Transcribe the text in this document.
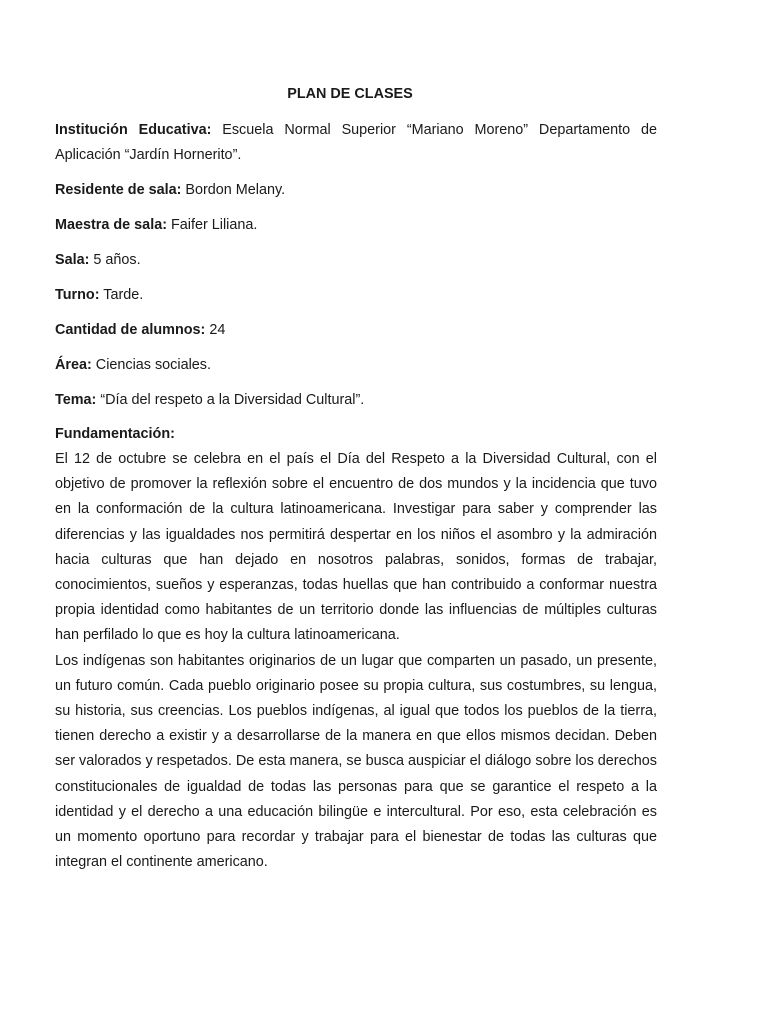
PLAN DE CLASES

Institución Educativa: Escuela Normal Superior “Mariano Moreno” Departamento de Aplicación “Jardín Hornerito”.

Residente de sala: Bordon Melany.

Maestra de sala: Faifer Liliana.

Sala: 5 años.

Turno: Tarde.

Cantidad de alumnos: 24

Área: Ciencias sociales.

Tema: “Día del respeto a la Diversidad Cultural”.

Fundamentación:

El 12 de octubre se celebra en el país el Día del Respeto a la Diversidad Cultural, con el objetivo de promover la reflexión sobre el encuentro de dos mundos y la incidencia que tuvo en la conformación de la cultura latinoamericana. Investigar para saber y comprender las diferencias y las igualdades nos permitirá despertar en los niños el asombro y la admiración hacia culturas que han dejado en nosotros palabras, sonidos, formas de trabajar, conocimientos, sueños y esperanzas, todas huellas que han contribuido a conformar nuestra propia identidad como habitantes de un territorio donde las influencias de múltiples culturas han perfilado lo que es hoy la cultura latinoamericana.

Los indígenas son habitantes originarios de un lugar que comparten un pasado, un presente, un futuro común. Cada pueblo originario posee su propia cultura, sus costumbres, su lengua, su historia, sus creencias. Los pueblos indígenas, al igual que todos los pueblos de la tierra, tienen derecho a existir y a desarrollarse de la manera en que ellos mismos decidan. Deben ser valorados y respetados. De esta manera, se busca auspiciar el diálogo sobre los derechos constitucionales de igualdad de todas las personas para que se garantice el respeto a la identidad y el derecho a una educación bilingüe e intercultural. Por eso, esta celebración es un momento oportuno para recordar y trabajar para el bienestar de todas las culturas que integran el continente americano.
